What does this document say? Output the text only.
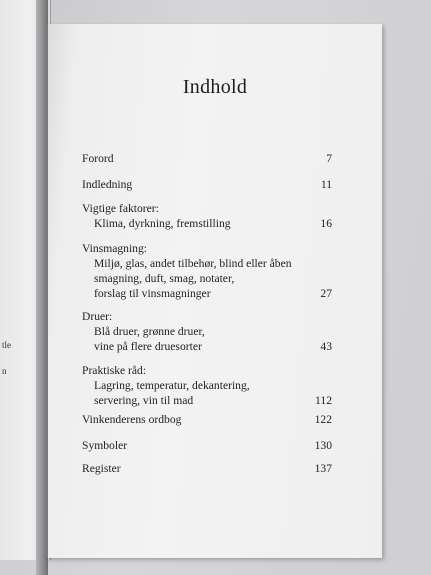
tle
n
Indhold
Forord	7
Indledning	11
Vigtige faktorer:
Klima, dyrkning, fremstilling	16
Vinsmagning:
Miljø, glas, andet tilbehør, blind eller åben
smagning, duft, smag, notater,
forslag til vinsmagninger	27
Druer:
Blå druer, grønne druer,
vine på flere druesorter	43
Praktiske råd:
Lagring, temperatur, dekantering,
servering, vin til mad	112
Vinkenderens ordbog	122
Symboler	130
Register	137
